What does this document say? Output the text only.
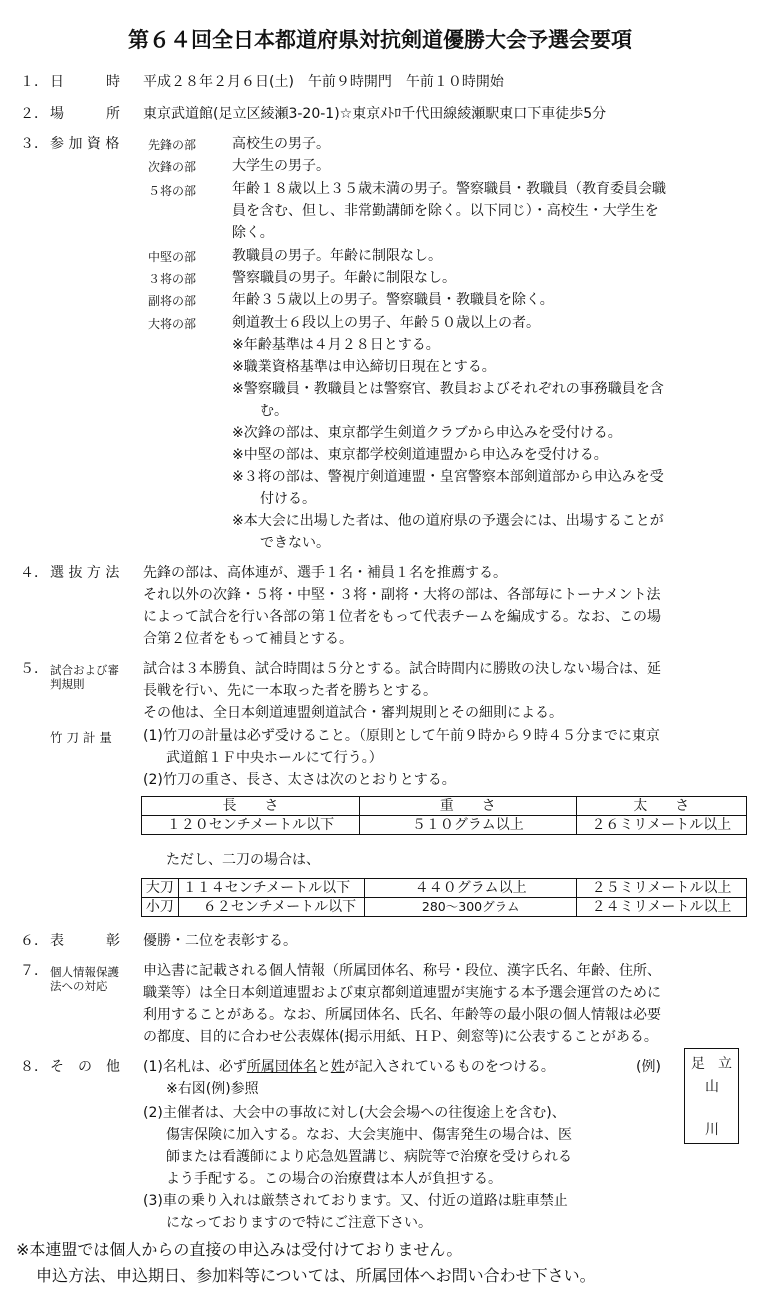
第６４回全日本都道府県対抗剣道優勝大会予選会要項
１． 日　　　時 平成２８年２月６日(土)　午前９時開門　午前１０時開始
２． 場　　　所 東京武道館(足立区綾瀬3-20-1)☆東京ﾒﾄﾛ千代田線綾瀬駅東口下車徒歩5分
３． 参 加 資 格 先鋒の部	高校生の男子。
次鋒の部	大学生の男子。
５将の部	年齢１８歳以上３５歳未満の男子。警察職員・教職員（教育委員会職
員を含む、但し、非常勤講師を除く。以下同じ）・高校生・大学生を
除く。
中堅の部	教職員の男子。年齢に制限なし。
３将の部	警察職員の男子。年齢に制限なし。
副将の部	年齢３５歳以上の男子。警察職員・教職員を除く。
大将の部	剣道教士６段以上の男子、年齢５０歳以上の者。
※年齢基準は４月２８日とする。
※職業資格基準は申込締切日現在とする。
※警察職員・教職員とは警察官、教員およびそれぞれの事務職員を含
む。
※次鋒の部は、東京都学生剣道クラブから申込みを受付ける。
※中堅の部は、東京都学校剣道連盟から申込みを受付ける。
※３将の部は、警視庁剣道連盟・皇宮警察本部剣道部から申込みを受
付ける。
※本大会に出場した者は、他の道府県の予選会には、出場することが
できない。
４． 選 抜 方 法 先鋒の部は、高体連が、選手１名・補員１名を推薦する。
それ以外の次鋒・５将・中堅・３将・副将・大将の部は、各部毎にトーナメント法
によって試合を行い各部の第１位者をもって代表チームを編成する。なお、この場
合第２位者をもって補員とする。
５． 試合および審判規則
試合は３本勝負、試合時間は５分とする。試合時間内に勝敗の決しない場合は、延
長戦を行い、先に一本取った者を勝ちとする。
その他は、全日本剣道連盟剣道試合・審判規則とその細則による。
竹 刀 計 量	(1)竹刀の計量は必ず受けること。（原則として午前９時から９時４５分までに東京
武道館１Ｆ中央ホールにて行う。）
(2)竹刀の重さ、長さ、太さは次のとおりとする。
長　　さ	重　　さ	太　　さ
１２０センチメートル以下	５１０グラム以上	２６ミリメートル以上
ただし、二刀の場合は、
大刀	１１４センチメートル以下	４４０グラム以上	２５ミリメートル以上
小刀	６２センチメートル以下	280～300グラム	２４ミリメートル以上
６． 表　　　彰 優勝・二位を表彰する。
７． 個人情報保護法への対応
申込書に記載される個人情報（所属団体名、称号・段位、漢字氏名、年齢、住所、
職業等）は全日本剣道連盟および東京都剣道連盟が実施する本予選会運営のために
利用することがある。なお、所属団体名、氏名、年齢等の最小限の個人情報は必要
の都度、目的に合わせ公表媒体(掲示用紙、ＨＰ、剣窓等)に公表することがある。
８． そ　の　他 (1)名札は、必ず所属団体名と姓が記入されているものをつける。
※右図(例)参照
(例) 足 立
山
川
(2)主催者は、大会中の事故に対し(大会会場への往復途上を含む)、
傷害保険に加入する。なお、大会実施中、傷害発生の場合は、医
師または看護師により応急処置講じ、病院等で治療を受けられる
よう手配する。この場合の治療費は本人が負担する。
(3)車の乗り入れは厳禁されております。又、付近の道路は駐車禁止
になっておりますので特にご注意下さい。
※本連盟では個人からの直接の申込みは受付けておりません。
申込方法、申込期日、参加料等については、所属団体へお問い合わせ下さい。
